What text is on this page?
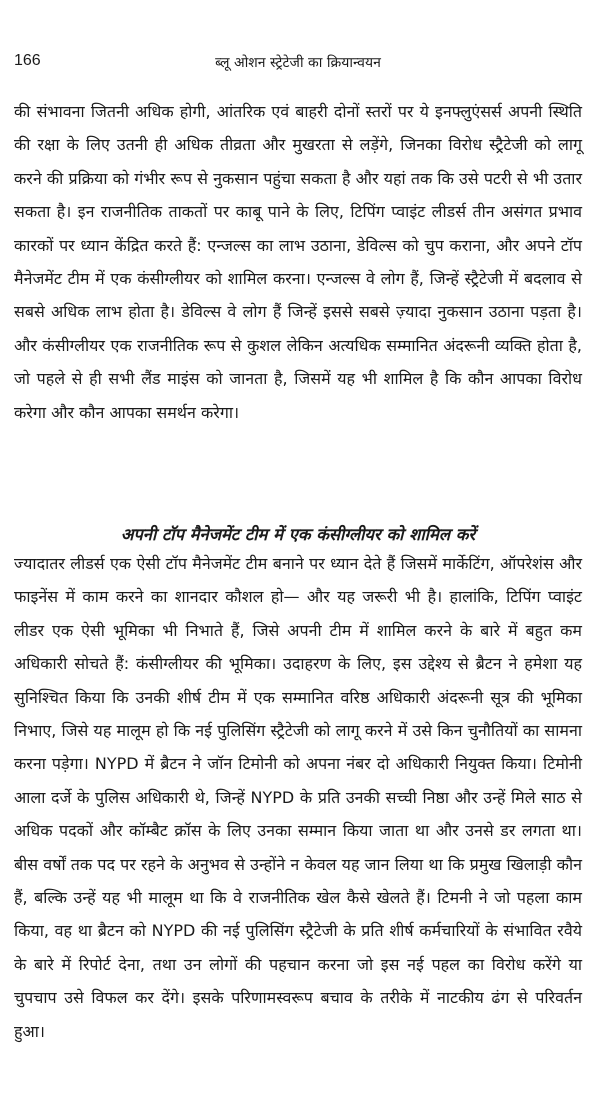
166	ब्लू ओशन स्ट्रेटेजी का क्रियान्वयन

की संभावना जितनी अधिक होगी, आंतरिक एवं बाहरी दोनों स्तरों पर ये इनफ्लुएंसर्स अपनी स्थिति की रक्षा के लिए उतनी ही अधिक तीव्रता और मुखरता से लड़ेंगे, जिनका विरोध स्ट्रैटेजी को लागू करने की प्रक्रिया को गंभीर रूप से नुकसान पहुंचा सकता है और यहां तक कि उसे पटरी से भी उतार सकता है। इन राजनीतिक ताकतों पर काबू पाने के लिए, टिपिंग प्वाइंट लीडर्स तीन असंगत प्रभाव कारकों पर ध्यान केंद्रित करते हैं: एन्जल्स का लाभ उठाना, डेविल्स को चुप कराना, और अपने टॉप मैनेजमेंट टीम में एक कंसीग्लीयर को शामिल करना। एन्जल्स वे लोग हैं, जिन्हें स्ट्रैटेजी में बदलाव से सबसे अधिक लाभ होता है। डेविल्स वे लोग हैं जिन्हें इससे सबसे ज़्यादा नुकसान उठाना पड़ता है। और कंसीग्लीयर एक राजनीतिक रूप से कुशल लेकिन अत्यधिक सम्मानित अंदरूनी व्यक्ति होता है, जो पहले से ही सभी लैंड माइंस को जानता है, जिसमें यह भी शामिल है कि कौन आपका विरोध करेगा और कौन आपका समर्थन करेगा।

अपनी टॉप मैनेजमेंट टीम में एक कंसीग्लीयर को शामिल करें

ज्यादातर लीडर्स एक ऐसी टॉप मैनेजमेंट टीम बनाने पर ध्यान देते हैं जिसमें मार्केटिंग, ऑपरेशंस और फाइनेंस में काम करने का शानदार कौशल हो— और यह जरूरी भी है। हालांकि, टिपिंग प्वाइंट लीडर एक ऐसी भूमिका भी निभाते हैं, जिसे अपनी टीम में शामिल करने के बारे में बहुत कम अधिकारी सोचते हैं: कंसीग्लीयर की भूमिका। उदाहरण के लिए, इस उद्देश्य से ब्रैटन ने हमेशा यह सुनिश्चित किया कि उनकी शीर्ष टीम में एक सम्मानित वरिष्ठ अधिकारी अंदरूनी सूत्र की भूमिका निभाए, जिसे यह मालूम हो कि नई पुलिसिंग स्ट्रैटेजी को लागू करने में उसे किन चुनौतियों का सामना करना पड़ेगा। NYPD में ब्रैटन ने जॉन टिमोनी को अपना नंबर दो अधिकारी नियुक्त किया। टिमोनी आला दर्जे के पुलिस अधिकारी थे, जिन्हें NYPD के प्रति उनकी सच्ची निष्ठा और उन्हें मिले साठ से अधिक पदकों और कॉम्बैट क्रॉस के लिए उनका सम्मान किया जाता था और उनसे डर लगता था। बीस वर्षों तक पद पर रहने के अनुभव से उन्होंने न केवल यह जान लिया था कि प्रमुख खिलाड़ी कौन हैं, बल्कि उन्हें यह भी मालूम था कि वे राजनीतिक खेल कैसे खेलते हैं। टिमनी ने जो पहला काम किया, वह था ब्रैटन को NYPD की नई पुलिसिंग स्ट्रैटेजी के प्रति शीर्ष कर्मचारियों के संभावित रवैये के बारे में रिपोर्ट देना, तथा उन लोगों की पहचान करना जो इस नई पहल का विरोध करेंगे या चुपचाप उसे विफल कर देंगे। इसके परिणामस्वरूप बचाव के तरीके में नाटकीय ढंग से परिवर्तन हुआ।
